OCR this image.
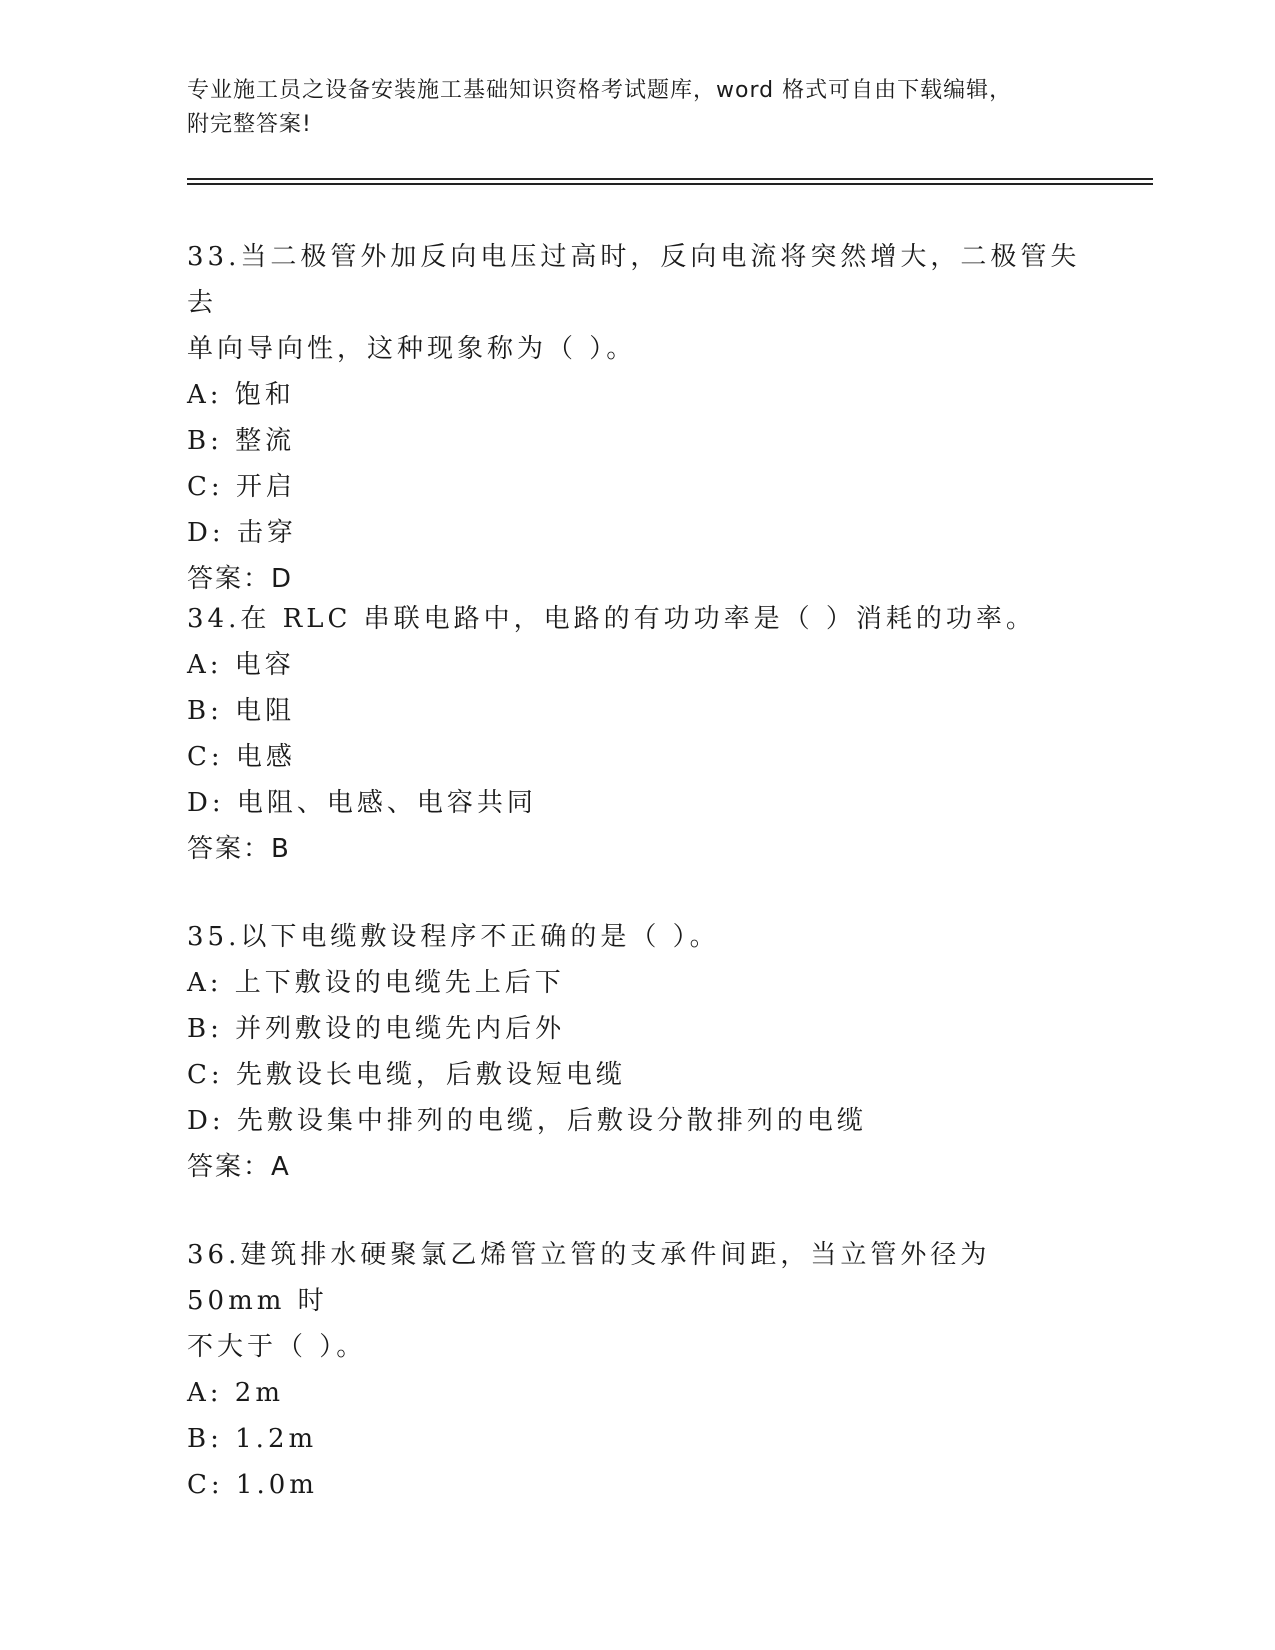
专业施工员之设备安装施工基础知识资格考试题库，word 格式可自由下载编辑，
附完整答案!
33.当二极管外加反向电压过高时，反向电流将突然增大，二极管失去
单向导向性，这种现象称为（ ）。
A: 饱和
B: 整流
C: 开启
D: 击穿
答案：D
34.在 RLC 串联电路中，电路的有功功率是（ ）消耗的功率。
A: 电容
B: 电阻
C: 电感
D: 电阻、电感、电容共同
答案：B
35.以下电缆敷设程序不正确的是（ ）。
A: 上下敷设的电缆先上后下
B: 并列敷设的电缆先内后外
C: 先敷设长电缆，后敷设短电缆
D: 先敷设集中排列的电缆，后敷设分散排列的电缆
答案：A
36.建筑排水硬聚氯乙烯管立管的支承件间距，当立管外径为 50mm 时
不大于（ ）。
A: 2m
B: 1.2m
C: 1.0m
